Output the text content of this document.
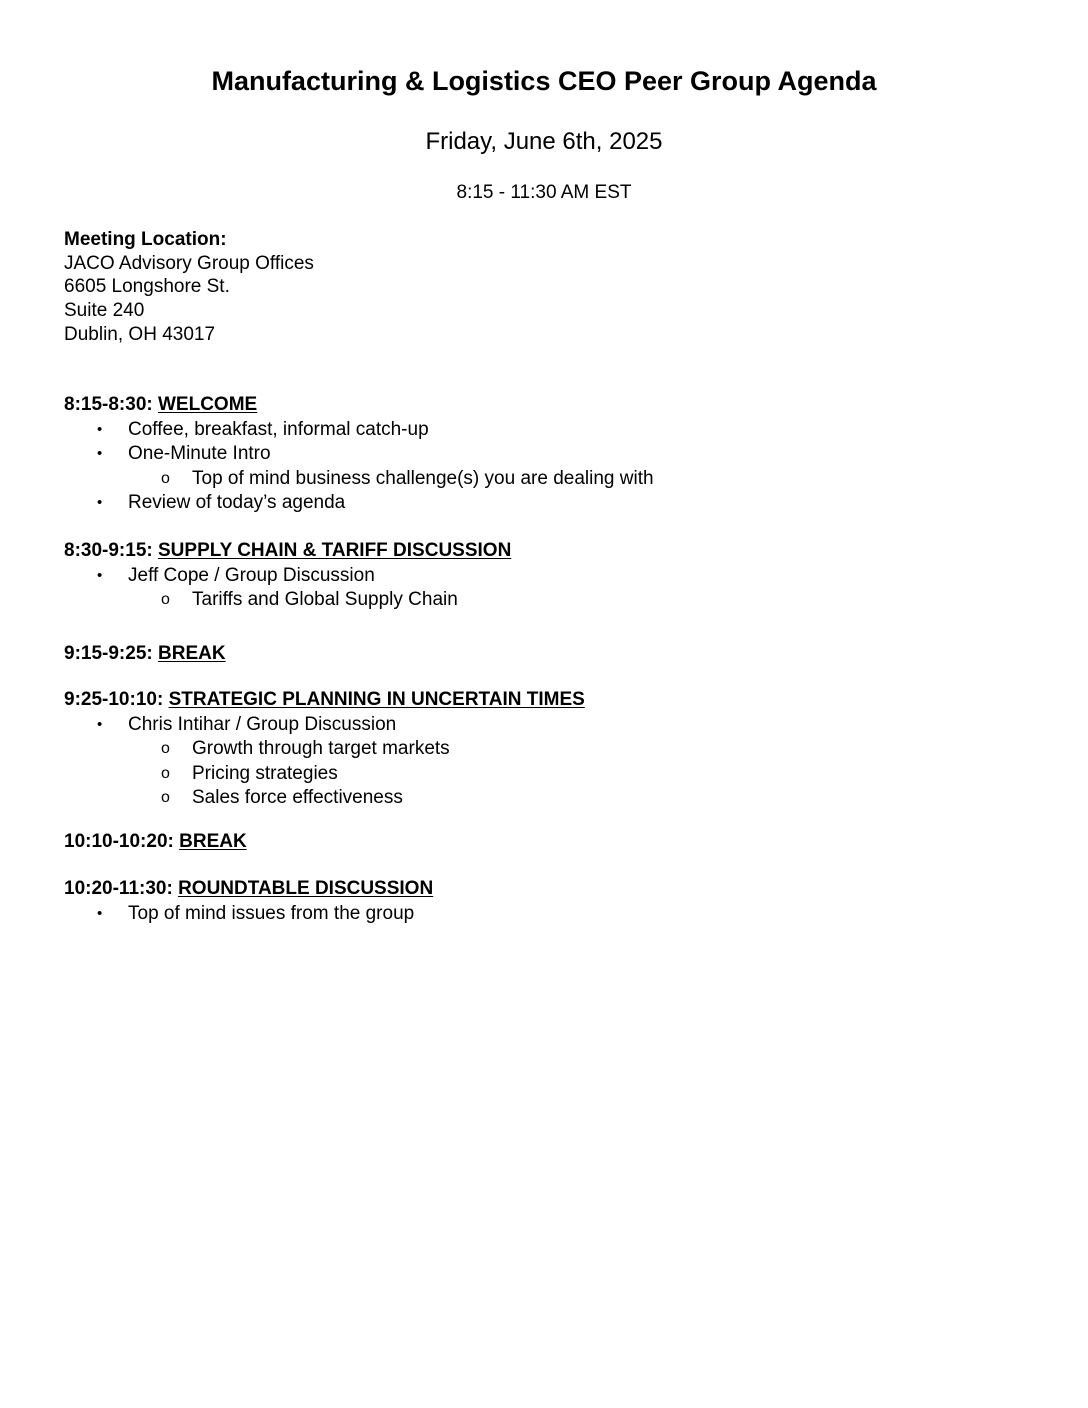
Manufacturing & Logistics CEO Peer Group Agenda
Friday, June 6th, 2025
8:15 - 11:30 AM EST
Meeting Location:
JACO Advisory Group Offices
6605 Longshore St.
Suite 240
Dublin, OH 43017
8:15-8:30: WELCOME
• Coffee, breakfast, informal catch-up
• One-Minute Intro
o Top of mind business challenge(s) you are dealing with
• Review of today’s agenda
8:30-9:15: SUPPLY CHAIN & TARIFF DISCUSSION
• Jeff Cope / Group Discussion
o Tariffs and Global Supply Chain
9:15-9:25: BREAK
9:25-10:10: STRATEGIC PLANNING IN UNCERTAIN TIMES
• Chris Intihar / Group Discussion
o Growth through target markets
o Pricing strategies
o Sales force effectiveness
10:10-10:20: BREAK
10:20-11:30: ROUNDTABLE DISCUSSION
• Top of mind issues from the group
